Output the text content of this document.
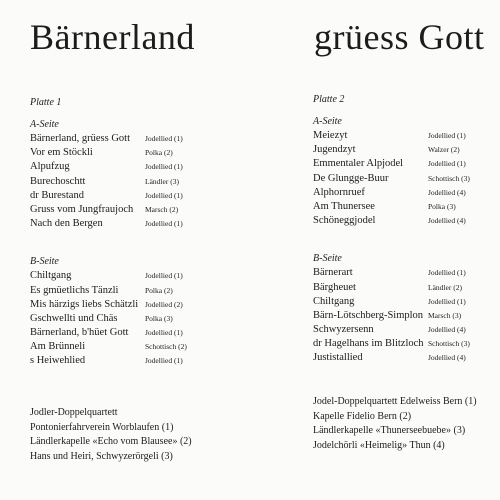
Bärnerland	grüess Gott
Platte 1
A-Seite
Bärnerland, grüess Gott Jodellied (1)
Vor em Stöckli	Polka (2)
Alpufzug	Jodellied (1)
Burechoschtt	Ländler (3)
dr Burestand	Jodellied (1)
Gruss vom Jungfraujoch Marsch (2)
Nach den Bergen	Jodellied (1)
B-Seite
Chiltgang	Jodellied (1)
Es gmüetlichs Tänzli	Polka (2)
Mis härzigs liebs Schätzli Jodellied (2)
Gschwellti und Chäs	Polka (3)
Bärnerland, b'hüet Gott Jodellied (1)
Am Brünneli	Schottisch (2)
s Heiwehlied	Jodellied (1)
Platte 2
A-Seite
Meiezyt	Jodellied (1)
Jugendzyt	Walzer (2)
Emmentaler Alpjodel	Jodellied (1)
De Glungge-Buur	Schottisch (3)
Alphornruef	Jodellied (4)
Am Thunersee	Polka (3)
Schöneggjodel	Jodellied (4)
B-Seite
Bärnerart	Jodellied (1)
Bärgheuet	Ländler (2)
Chiltgang	Jodellied (1)
Bärn-Lötschberg-Simplon Marsch (3)
Schwyzersenn	Jodellied (4)
dr Hagelhans im Blitzloch Schottisch (3)
Justistallied	Jodellied (4)
Jodler-Doppelquartett
Pontonierfahrverein Worblaufen (1)
Ländlerkapelle «Echo vom Blausee» (2)
Hans und Heiri, Schwyzerörgeli (3)
Jodel-Doppelquartett Edelweiss Bern (1)
Kapelle Fidelio Bern (2)
Ländlerkapelle «Thunerseebuebe» (3)
Jodelchörli «Heimelig» Thun (4)
